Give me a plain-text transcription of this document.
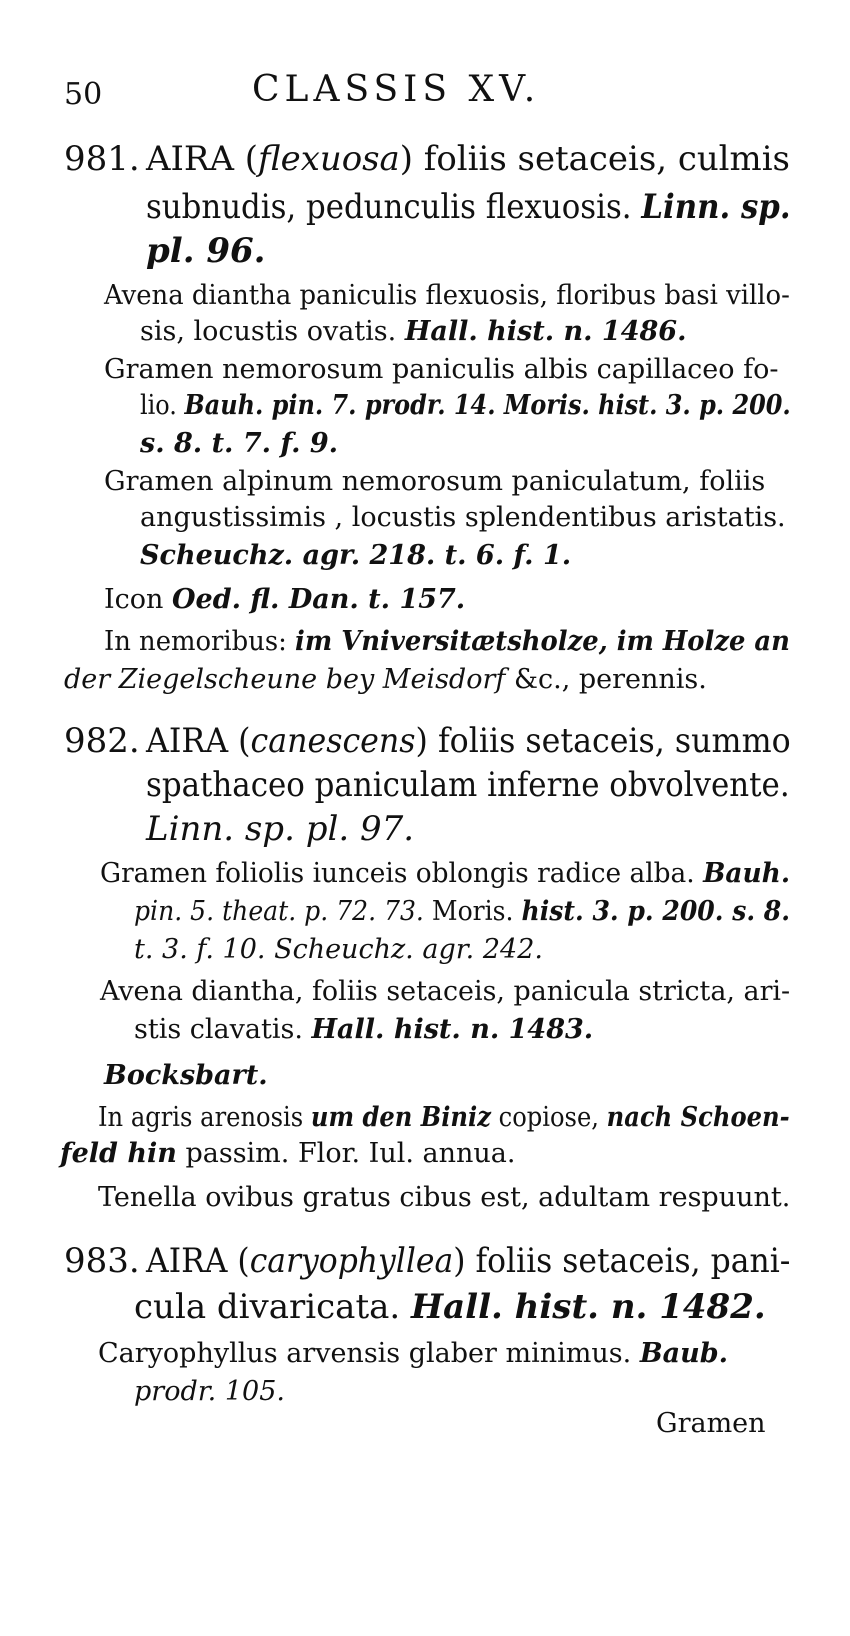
50	CLASSIS XV.
981. AIRA (flexuosa) foliis setaceis, culmis
subnudis, pedunculis flexuosis. Linn. sp.
pl. 96.
Avena diantha paniculis flexuosis, floribus basi villo-
sis, locustis ovatis. Hall. hist. n. 1486.
Gramen nemorosum paniculis albis capillaceo fo-
lio. Bauh. pin. 7. prodr. 14. Moris. hist. 3. p. 200.
s. 8. t. 7. f. 9.
Gramen alpinum nemorosum paniculatum, foliis
angustissimis , locustis splendentibus aristatis.
Scheuchz. agr. 218. t. 6. f. 1.
Icon Oed. fl. Dan. t. 157.
In nemoribus: im Vniversitætsholze, im Holze an
der Ziegelscheune bey Meisdorf &c., perennis.
982. AIRA (canescens) foliis setaceis, summo
spathaceo paniculam inferne obvolvente.
Linn. sp. pl. 97.
Gramen foliolis iunceis oblongis radice alba. Bauh.
pin. 5. theat. p. 72. 73. Moris. hist. 3. p. 200. s. 8.
t. 3. f. 10. Scheuchz. agr. 242.
Avena diantha, foliis setaceis, panicula stricta, ari-
stis clavatis. Hall. hist. n. 1483.
Bocksbart.
In agris arenosis um den Biniz copiose, nach Schoen-
feld hin passim. Flor. Iul. annua.
Tenella ovibus gratus cibus est, adultam respuunt.
983. AIRA (caryophyllea) foliis setaceis, pani-
cula divaricata. Hall. hist. n. 1482.
Caryophyllus arvensis glaber minimus. Baub.
prodr. 105.
Gramen
